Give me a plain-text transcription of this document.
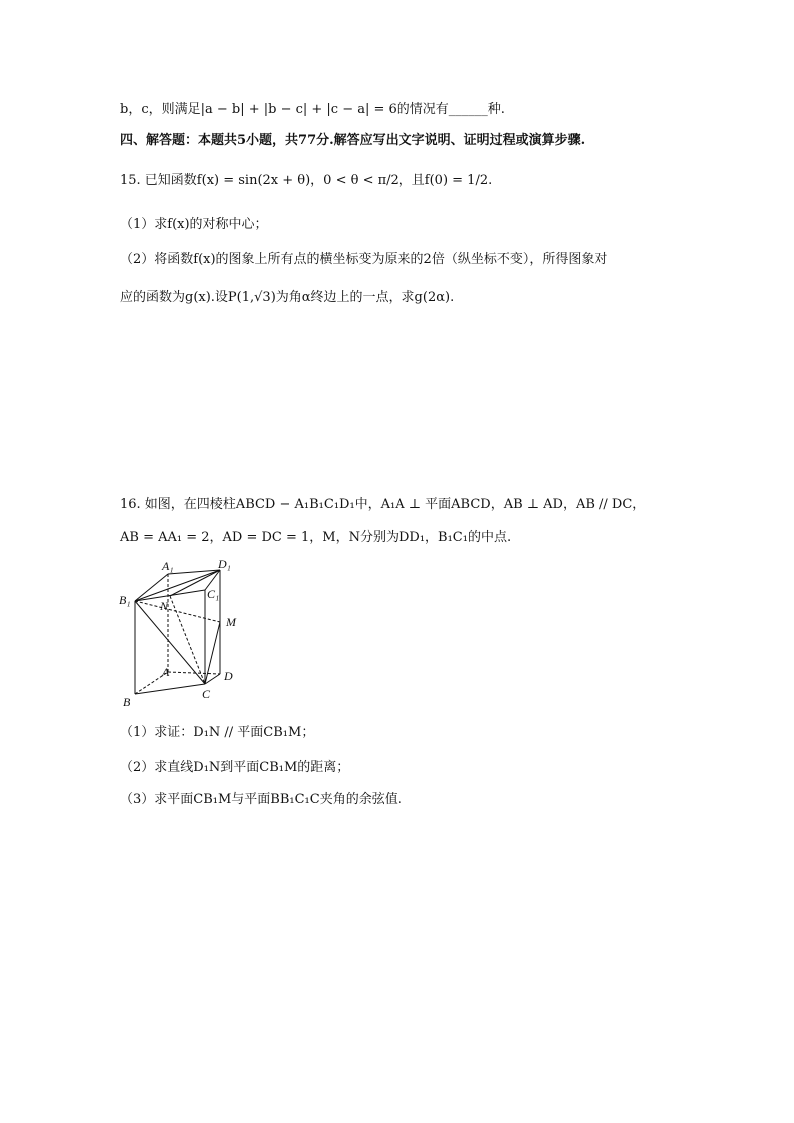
b，c，则满足|a − b| + |b − c| + |c − a| = 6的情况有______种.
四、解答题：本题共5小题，共77分.解答应写出文字说明、证明过程或演算步骤.
15. 已知函数f(x) = sin(2x + θ)，0 < θ < π/2，且f(0) = 1/2.
（1）求f(x)的对称中心；
（2）将函数f(x)的图象上所有点的横坐标变为原来的2倍（纵坐标不变），所得图象对
应的函数为g(x).设P(1,√3)为角α终边上的一点，求g(2α).
16. 如图，在四棱柱ABCD − A₁B₁C₁D₁中，A₁A ⊥ 平面ABCD，AB ⊥ AD，AB // DC，
AB = AA₁ = 2，AD = DC = 1，M，N分别为DD₁，B₁C₁的中点.
A₁	D₁
C₁
B₁ N
M
A	D
B
C
（1）求证：D₁N // 平面CB₁M；
（2）求直线D₁N到平面CB₁M的距离；
（3）求平面CB₁M与平面BB₁C₁C夹角的余弦值.
